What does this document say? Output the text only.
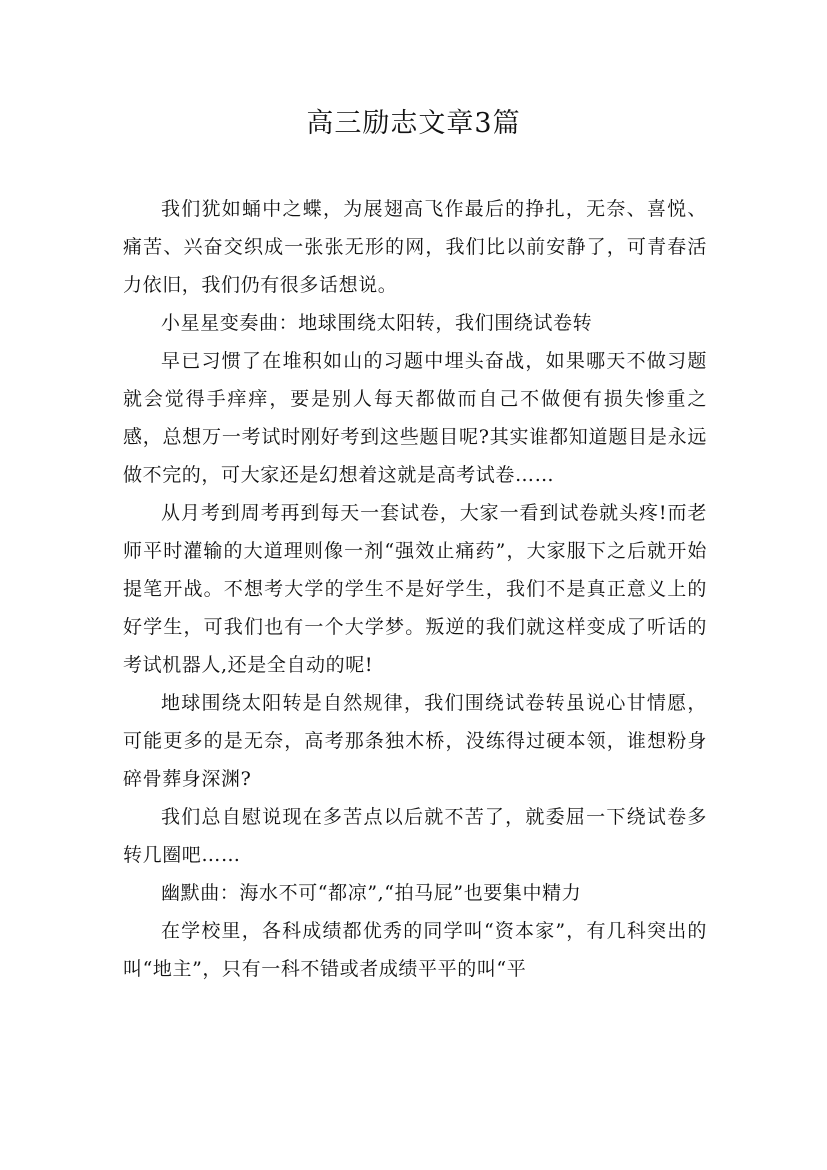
高三励志文章3篇

我们犹如蛹中之蝶，为展翅高飞作最后的挣扎，无奈、喜悦、痛苦、兴奋交织成一张张无形的网，我们比以前安静了，可青春活力依旧，我们仍有很多话想说。

小星星变奏曲：地球围绕太阳转，我们围绕试卷转

早已习惯了在堆积如山的习题中埋头奋战，如果哪天不做习题就会觉得手痒痒，要是别人每天都做而自己不做便有损失惨重之感，总想万一考试时刚好考到这些题目呢?其实谁都知道题目是永远做不完的，可大家还是幻想着这就是高考试卷……

从月考到周考再到每天一套试卷，大家一看到试卷就头疼!而老师平时灌输的大道理则像一剂“强效止痛药”，大家服下之后就开始提笔开战。不想考大学的学生不是好学生，我们不是真正意义上的好学生，可我们也有一个大学梦。叛逆的我们就这样变成了听话的考试机器人,还是全自动的呢!

地球围绕太阳转是自然规律，我们围绕试卷转虽说心甘情愿，可能更多的是无奈，高考那条独木桥，没练得过硬本领，谁想粉身碎骨葬身深渊?

我们总自慰说现在多苦点以后就不苦了，就委屈一下绕试卷多转几圈吧……

幽默曲：海水不可“都凉”,“拍马屁”也要集中精力

在学校里，各科成绩都优秀的同学叫“资本家”，有几科突出的叫“地主”，只有一科不错或者成绩平平的叫“平
